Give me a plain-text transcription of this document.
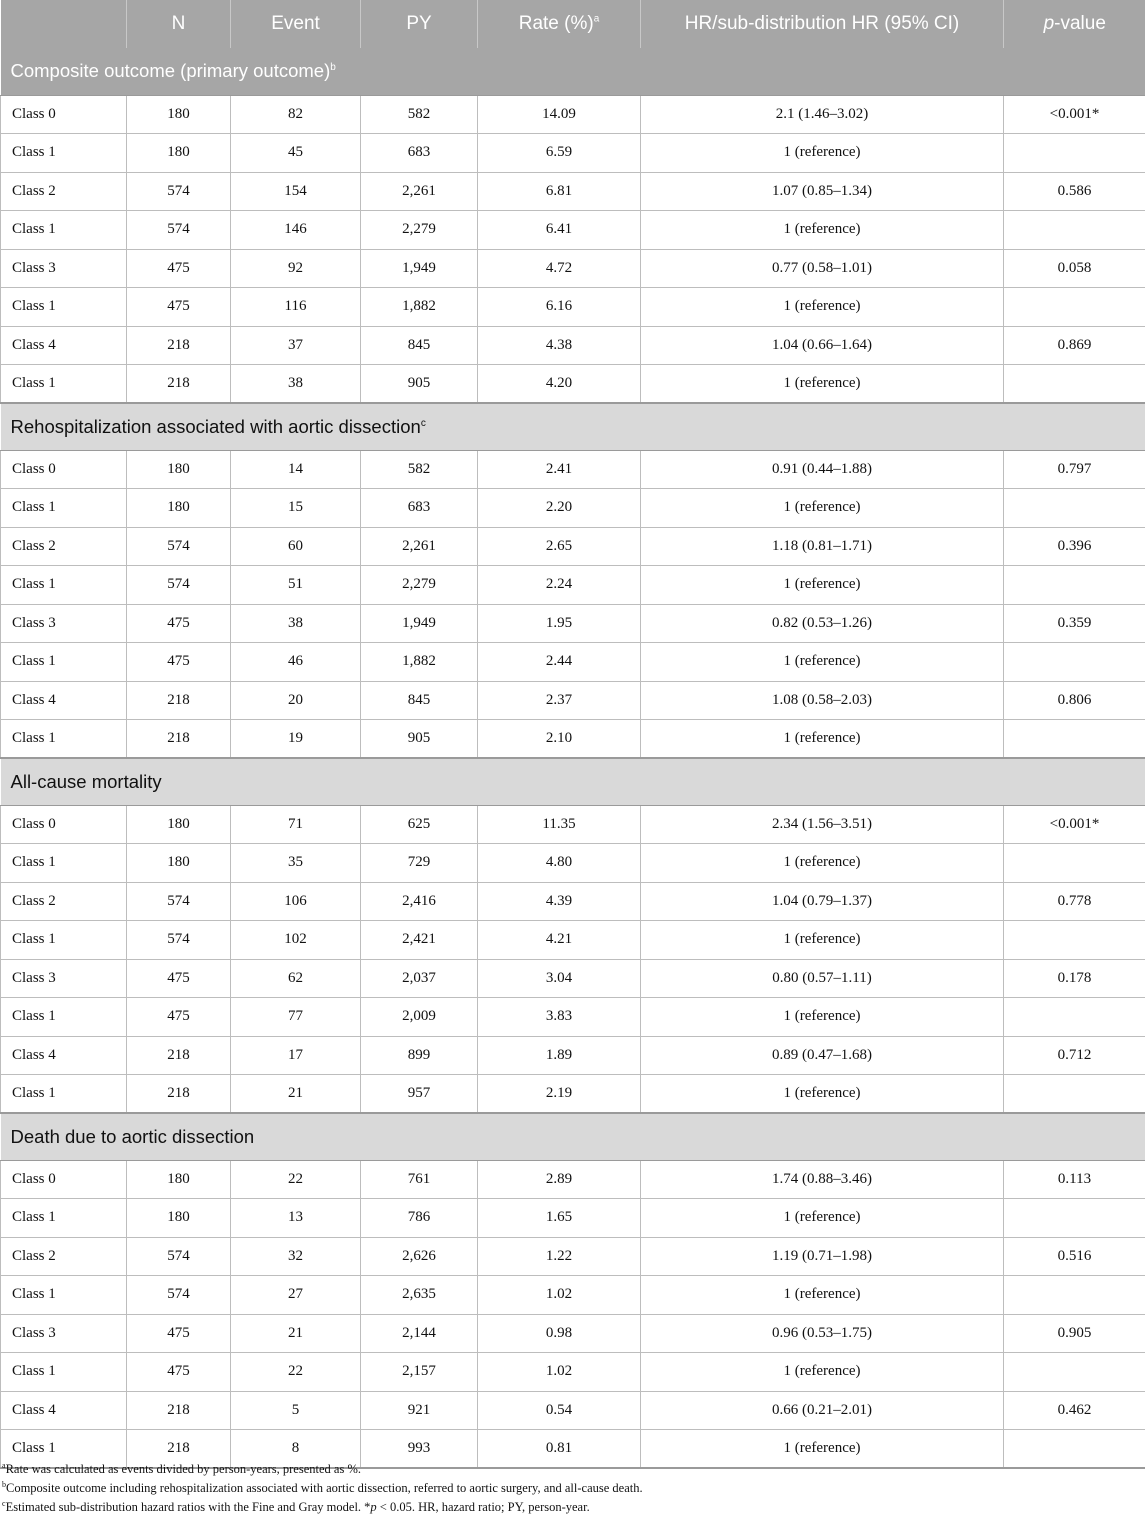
	N	Event	PY	Rate (%)$^a$	HR/sub-distribution HR (95% CI)	p-value
Composite outcome (primary outcome)$^b$
Class 0	180	82	582	14.09	2.1 (1.46–3.02)	<0.001*
Class 1	180	45	683	6.59	1 (reference)	
Class 2	574	154	2,261	6.81	1.07 (0.85–1.34)	0.586
Class 1	574	146	2,279	6.41	1 (reference)	
Class 3	475	92	1,949	4.72	0.77 (0.58–1.01)	0.058
Class 1	475	116	1,882	6.16	1 (reference)	
Class 4	218	37	845	4.38	1.04 (0.66–1.64)	0.869
Class 1	218	38	905	4.20	1 (reference)	
Rehospitalization associated with aortic dissection$^c$
Class 0	180	14	582	2.41	0.91 (0.44–1.88)	0.797
Class 1	180	15	683	2.20	1 (reference)	
Class 2	574	60	2,261	2.65	1.18 (0.81–1.71)	0.396
Class 1	574	51	2,279	2.24	1 (reference)	
Class 3	475	38	1,949	1.95	0.82 (0.53–1.26)	0.359
Class 1	475	46	1,882	2.44	1 (reference)	
Class 4	218	20	845	2.37	1.08 (0.58–2.03)	0.806
Class 1	218	19	905	2.10	1 (reference)	
All-cause mortality						
Class 0	180	71	625	11.35	2.34 (1.56–3.51)	<0.001*
Class 1	180	35	729	4.80	1 (reference)	
Class 2	574	106	2,416	4.39	1.04 (0.79–1.37)	0.778
Class 1	574	102	2,421	4.21	1 (reference)	
Class 3	475	62	2,037	3.04	0.80 (0.57–1.11)	0.178
Class 1	475	77	2,009	3.83	1 (reference)	
Class 4	218	17	899	1.89	0.89 (0.47–1.68)	0.712
Class 1	218	21	957	2.19	1 (reference)	
Death due to aortic dissection						
Class 0	180	22	761	2.89	1.74 (0.88–3.46)	0.113
Class 1	180	13	786	1.65	1 (reference)	
Class 2	574	32	2,626	1.22	1.19 (0.71–1.98)	0.516
Class 1	574	27	2,635	1.02	1 (reference)	
Class 3	475	21	2,144	0.98	0.96 (0.53–1.75)	0.905
Class 1	475	22	2,157	1.02	1 (reference)	
Class 4	218	5	921	0.54	0.66 (0.21–2.01)	0.462
Class 1	218	8	993	0.81	1 (reference)	
$^a$Rate was calculated as events divided by person-years, presented as %.
$^b$Composite outcome including rehospitalization associated with aortic dissection, referred to aortic surgery, and all-cause death.
$^c$Estimated sub-distribution hazard ratios with the Fine and Gray model. *p < 0.05. HR, hazard ratio; PY, person-year.
